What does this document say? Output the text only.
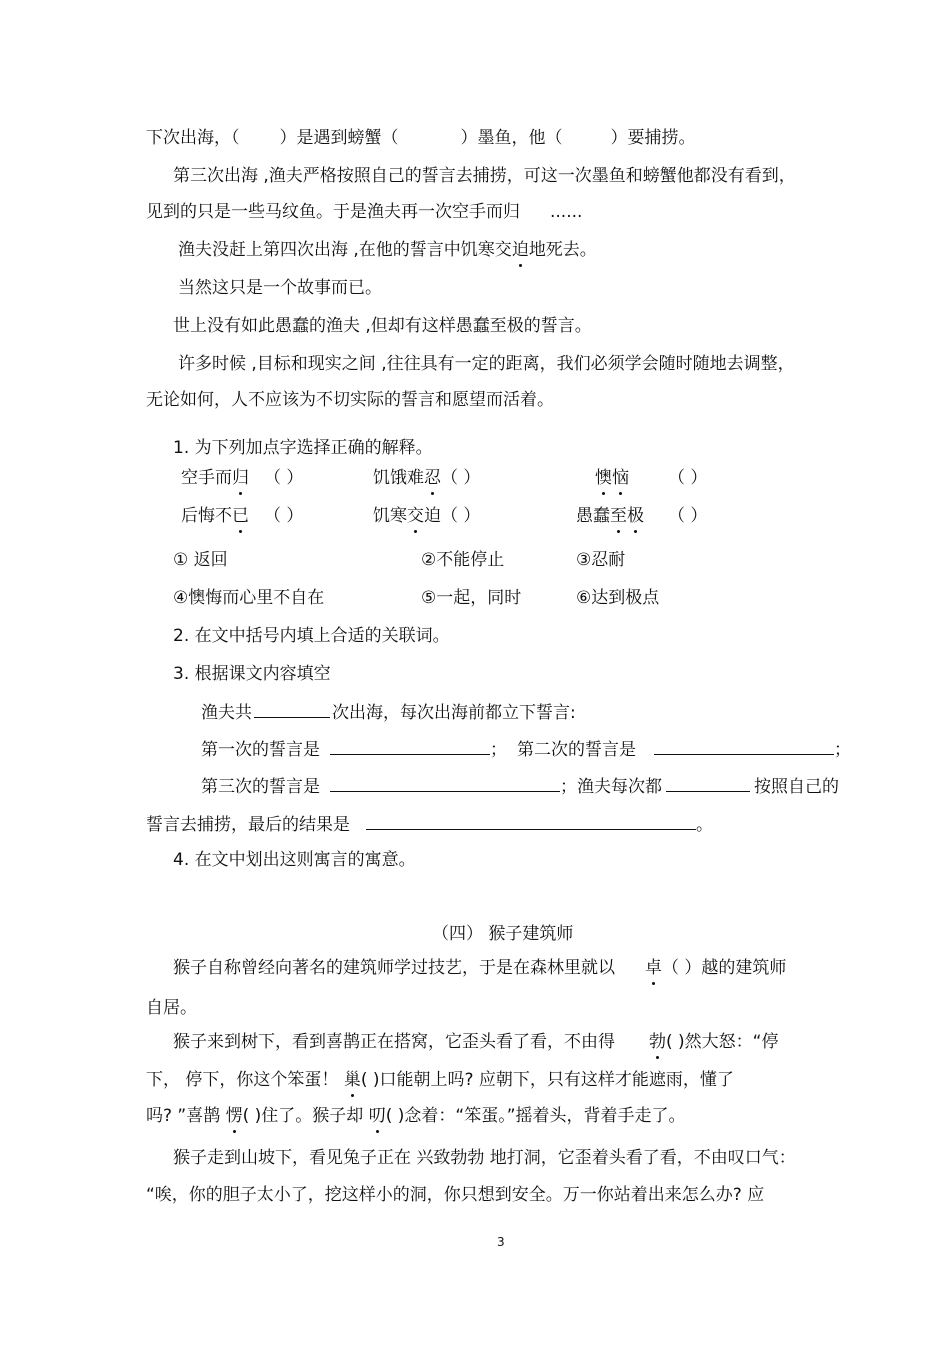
下次出海，（ ）是遇到螃蟹（	）墨鱼，他（	）要捕捞。
第三次出海 ,渔夫严格按照自己的誓言去捕捞，可这一次墨鱼和螃蟹他都没有看到，
见到的只是一些马纹鱼。于是渔夫再一次空手而归 ......
渔夫没赶上第四次出海 ,在他的誓言中饥寒交迫地死去。
当然这只是一个故事而已。
世上没有如此愚蠢的渔夫 ,但却有这样愚蠢至极的誓言。
许多时候 ,目标和现实之间 ,往往具有一定的距离，我们必须学会随时随地去调整，
无论如何，人不应该为不切实际的誓言和愿望而活着。
1. 为下列加点字选择正确的解释。
空手而归 （ ）	饥饿难忍（ ）	懊恼 （ ）
后悔不已 （ ）	饥寒交迫（ ）	愚蠢至极 （ ）
① 返回	②不能停止	③忍耐
④懊悔而心里不自在	⑤一起，同时	⑥达到极点
2. 在文中括号内填上合适的关联词。
3. 根据课文内容填空
渔夫共	次出海，每次出海前都立下誓言:
第一次的誓言是	； 第二次的誓言是	；
第三次的誓言是	；渔夫每次都	按照自己的
誓言去捕捞，最后的结果是	。
4. 在文中划出这则寓言的寓意。
（四） 猴子建筑师
猴子自称曾经向著名的建筑师学过技艺，于是在森林里就以 卓（ ）越的建筑师
自居。
猴子来到树下，看到喜鹊正在搭窝，它歪头看了看，不由得 勃( )然大怒：“停
下， 停下，你这个笨蛋！ 巢( )口能朝上吗? 应朝下，只有这样才能遮雨，懂了
吗? ”喜鹊 愣( )住了。猴子却 叨( )念着：“笨蛋。”摇着头，背着手走了。
猴子走到山坡下，看见兔子正在 兴致勃勃 地打洞，它歪着头看了看，不由叹口气：
“唉，你的胆子太小了，挖这样小的洞，你只想到安全。万一你站着出来怎么办? 应
3
